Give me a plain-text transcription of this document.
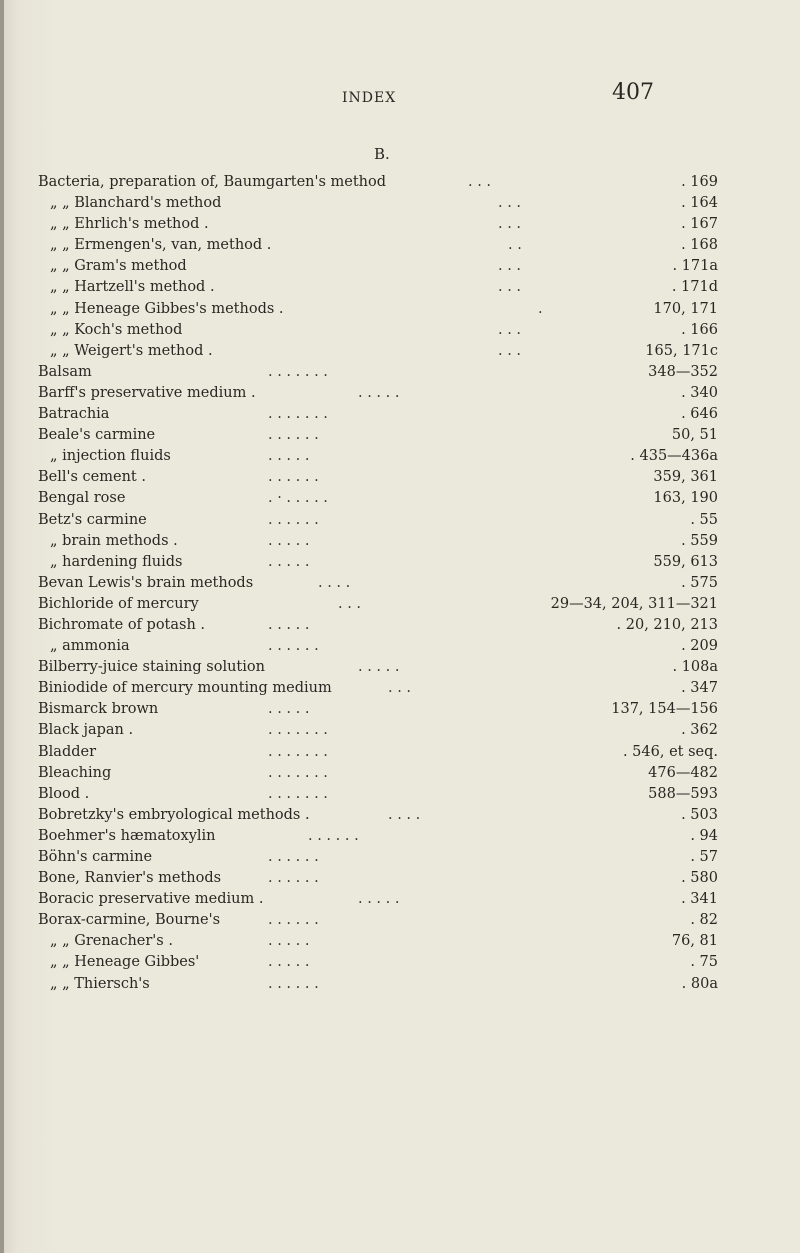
INDEX	407
B.
Bacteria, preparation of, Baumgarten's method	. . .	. 169
„ „ Blanchard's method	. . .	. 164
„ „ Ehrlich's method .	. . .	. 167
„ „ Ermengen's, van, method .	. .	. 168
„ „ Gram's method	. . .	. 171a
„ „ Hartzell's method .	. . .	. 171d
„ „ Heneage Gibbes's methods .	.	170, 171
„ „ Koch's method	. . .	. 166
„ „ Weigert's method .	. . .	165, 171c
Balsam	. . . . . . .	348—352
Barff's preservative medium .	. . . . .	. 340
Batrachia	. . . . . . .	. 646
Beale's carmine	. . . . . .	50, 51
„ injection fluids	. . . . .	. 435—436a
Bell's cement .	. . . . . .	359, 361
Bengal rose	. · . . . . .	163, 190
Betz's carmine	. . . . . .	. 55
„ brain methods .	. . . . .	. 559
„ hardening fluids	. . . . .	559, 613
Bevan Lewis's brain methods	. . . .	. 575
Bichloride of mercury	. . .	29—34, 204, 311—321
Bichromate of potash .	. . . . .	. 20, 210, 213
„ ammonia	. . . . . .	. 209
Bilberry-juice staining solution	. . . . .	. 108a
Biniodide of mercury mounting medium	. . .	. 347
Bismarck brown	. . . . .	137, 154—156
Black japan .	. . . . . . .	. 362
Bladder	. . . . . . .	. 546, et seq.
Bleaching	. . . . . . .	476—482
Blood .	. . . . . . .	588—593
Bobretzky's embryological methods .	. . . .	. 503
Boehmer's hæmatoxylin	. . . . . .	. 94
Böhn's carmine	. . . . . .	. 57
Bone, Ranvier's methods	. . . . . .	. 580
Boracic preservative medium .	. . . . .	. 341
Borax-carmine, Bourne's	. . . . . .	. 82
„ „ Grenacher's .	. . . . .	76, 81
„ „ Heneage Gibbes'	. . . . .	. 75
„ „ Thiersch's	. . . . . .	. 80a
